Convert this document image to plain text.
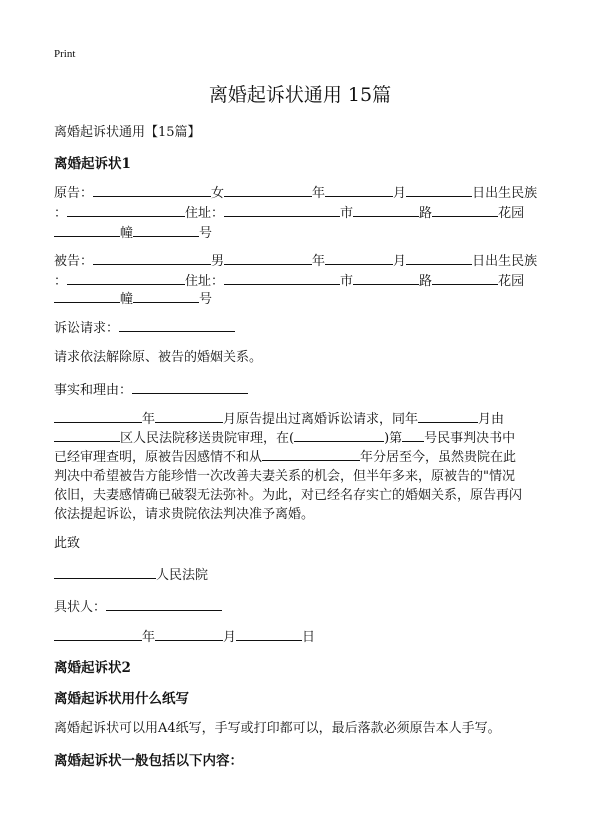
Print
离婚起诉状通用 15篇
离婚起诉状通用【15篇】
离婚起诉状1
原告：	女	年	月	日出生民族
：	住址：	市	路	花园
幢	号
被告：	男	年	月	日出生民族
：	住址：	市	路	花园
幢	号
诉讼请求：
请求依法解除原、被告的婚姻关系。
事实和理由：
年	月原告提出过离婚诉讼请求，同年	月由
区人民法院移送贵院审理，在(	)第 号民事判决书中
已经审理查明，原被告因感情不和从	年分居至今，虽然贵院在此
判决中希望被告方能珍惜一次改善夫妻关系的机会，但半年多来，原被告的"情况
依旧，夫妻感情确已破裂无法弥补。为此，对已经名存实亡的婚姻关系，原告再闪
依法提起诉讼，请求贵院依法判决准予离婚。
此致
人民法院
具状人：
年	月	日
离婚起诉状2
离婚起诉状用什么纸写
离婚起诉状可以用A4纸写，手写或打印都可以，最后落款必须原告本人手写。
离婚起诉状一般包括以下内容：
